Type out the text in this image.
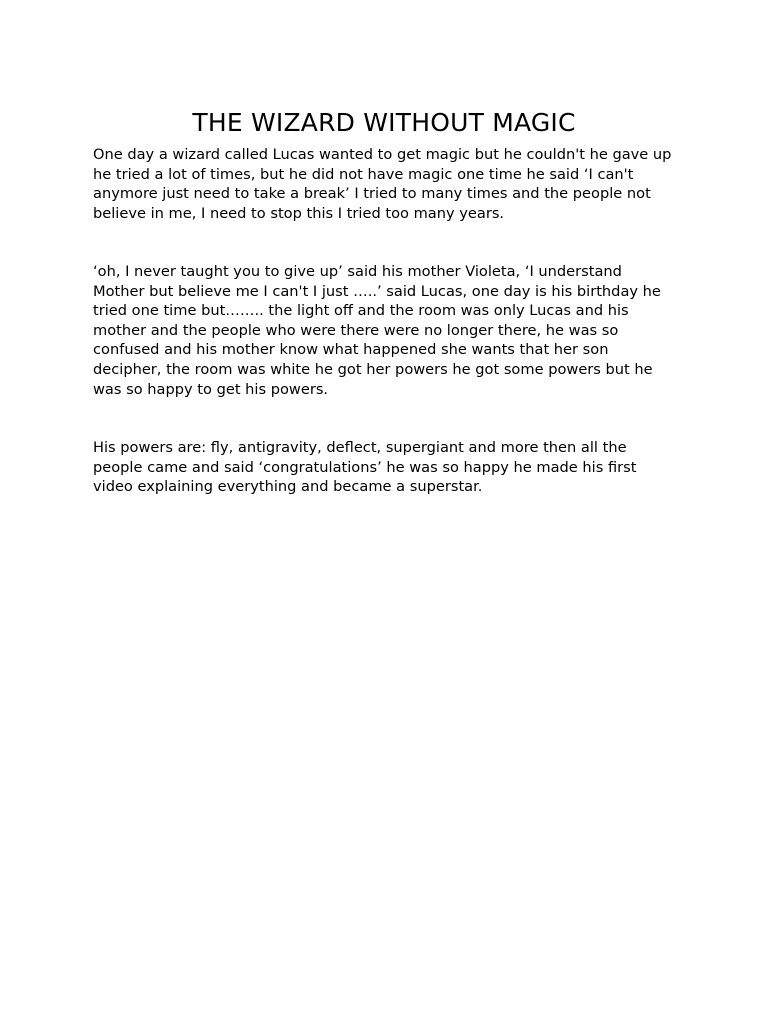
THE WIZARD WITHOUT MAGIC

One day a wizard called Lucas wanted to get magic but he couldn't he gave up he tried a lot of times, but he did not have magic one time he said ‘I can't anymore just need to take a break’ I tried to many times and the people not believe in me, I need to stop this I tried too many years.

‘oh, I never taught you to give up’ said his mother Violeta, ‘I understand Mother but believe me I can't I just …..’ said Lucas, one day is his birthday he tried one time but…….. the light off and the room was only Lucas and his mother and the people who were there were no longer there, he was so confused and his mother know what happened she wants that her son decipher, the room was white he got her powers he got some powers but he was so happy to get his powers.

His powers are: fly, antigravity, deflect, supergiant and more then all the people came and said ‘congratulations’ he was so happy he made his first video explaining everything and became a superstar.
